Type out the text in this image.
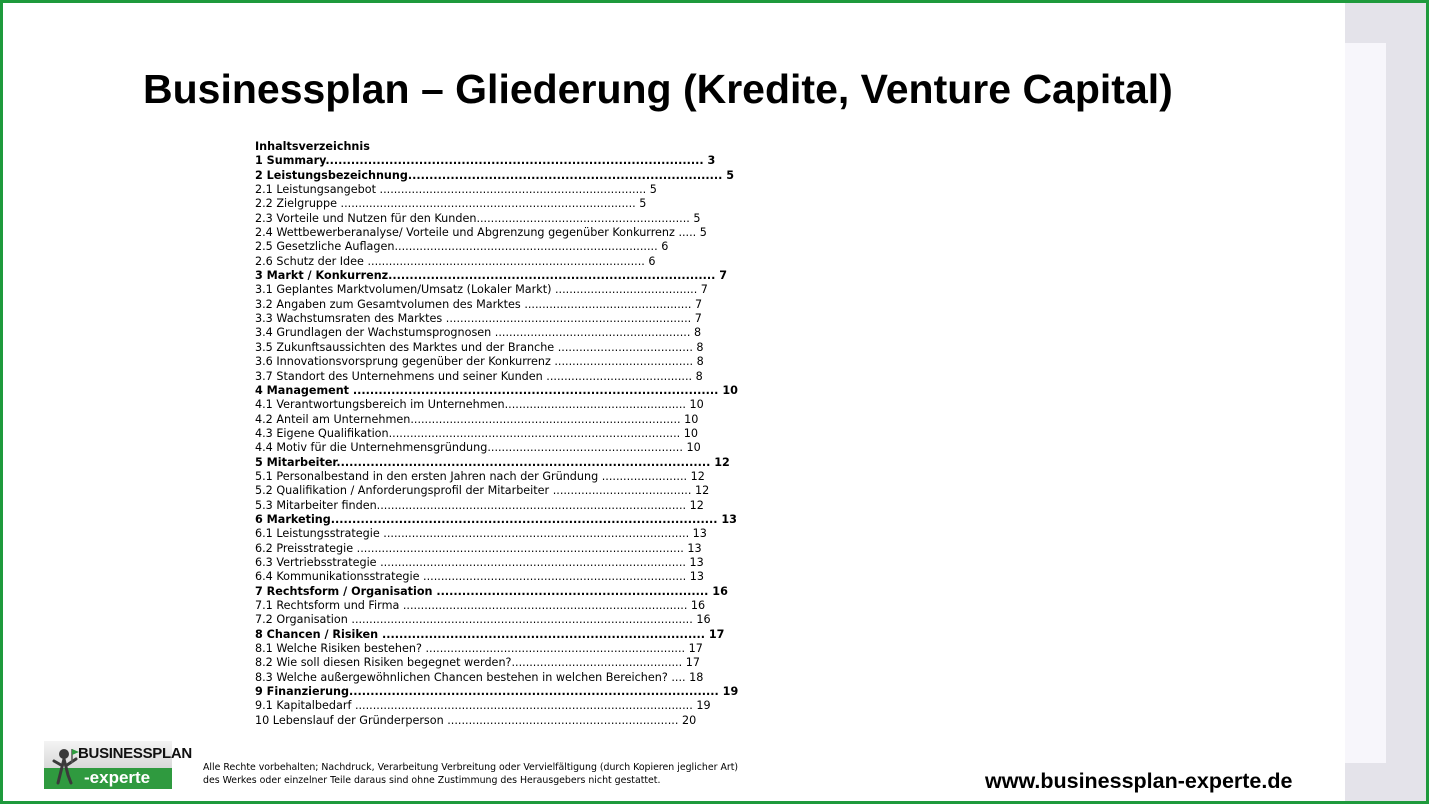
Businessplan – Gliederung (Kredite, Venture Capital)
Inhaltsverzeichnis
1 Summary......................................................................................... 3
2 Leistungsbezeichnung.......................................................................... 5
2.1 Leistungsangebot ........................................................................... 5
2.2 Zielgruppe ................................................................................... 5
2.3 Vorteile und Nutzen für den Kunden............................................................ 5
2.4 Wettbewerberanalyse/ Vorteile und Abgrenzung gegenüber Konkurrenz ..... 5
2.5 Gesetzliche Auflagen.......................................................................... 6
2.6 Schutz der Idee .............................................................................. 6
3 Markt / Konkurrenz............................................................................. 7
3.1 Geplantes Marktvolumen/Umsatz (Lokaler Markt) ........................................ 7
3.2 Angaben zum Gesamtvolumen des Marktes ............................................... 7
3.3 Wachstumsraten des Marktes ..................................................................... 7
3.4 Grundlagen der Wachstumsprognosen ....................................................... 8
3.5 Zukunftsaussichten des Marktes und der Branche ...................................... 8
3.6 Innovationsvorsprung gegenüber der Konkurrenz ....................................... 8
3.7 Standort des Unternehmens und seiner Kunden ......................................... 8
4 Management ...................................................................................... 10
4.1 Verantwortungsbereich im Unternehmen................................................... 10
4.2 Anteil am Unternehmen............................................................................ 10
4.3 Eigene Qualifikation.................................................................................. 10
4.4 Motiv für die Unternehmensgründung....................................................... 10
5 Mitarbeiter........................................................................................ 12
5.1 Personalbestand in den ersten Jahren nach der Gründung ........................ 12
5.2 Qualifikation / Anforderungsprofil der Mitarbeiter ....................................... 12
5.3 Mitarbeiter finden....................................................................................... 12
6 Marketing........................................................................................... 13
6.1 Leistungsstrategie ...................................................................................... 13
6.2 Preisstrategie ............................................................................................ 13
6.3 Vertriebsstrategie ...................................................................................... 13
6.4 Kommunikationsstrategie .......................................................................... 13
7 Rechtsform / Organisation ................................................................ 16
7.1 Rechtsform und Firma ................................................................................ 16
7.2 Organisation ................................................................................................ 16
8 Chancen / Risiken ............................................................................ 17
8.1 Welche Risiken bestehen? ......................................................................... 17
8.2 Wie soll diesen Risiken begegnet werden?................................................ 17
8.3 Welche außergewöhnlichen Chancen bestehen in welchen Bereichen? .... 18
9 Finanzierung....................................................................................... 19
9.1 Kapitalbedarf ............................................................................................... 19
10 Lebenslauf der Gründerperson ................................................................. 20
BUSINESSPLAN
-experte
Alle Rechte vorbehalten; Nachdruck, Verarbeitung Verbreitung oder Vervielfältigung (durch Kopieren jeglicher Art)
des Werkes oder einzelner Teile daraus sind ohne Zustimmung des Herausgebers nicht gestattet.	www.businessplan-experte.de
